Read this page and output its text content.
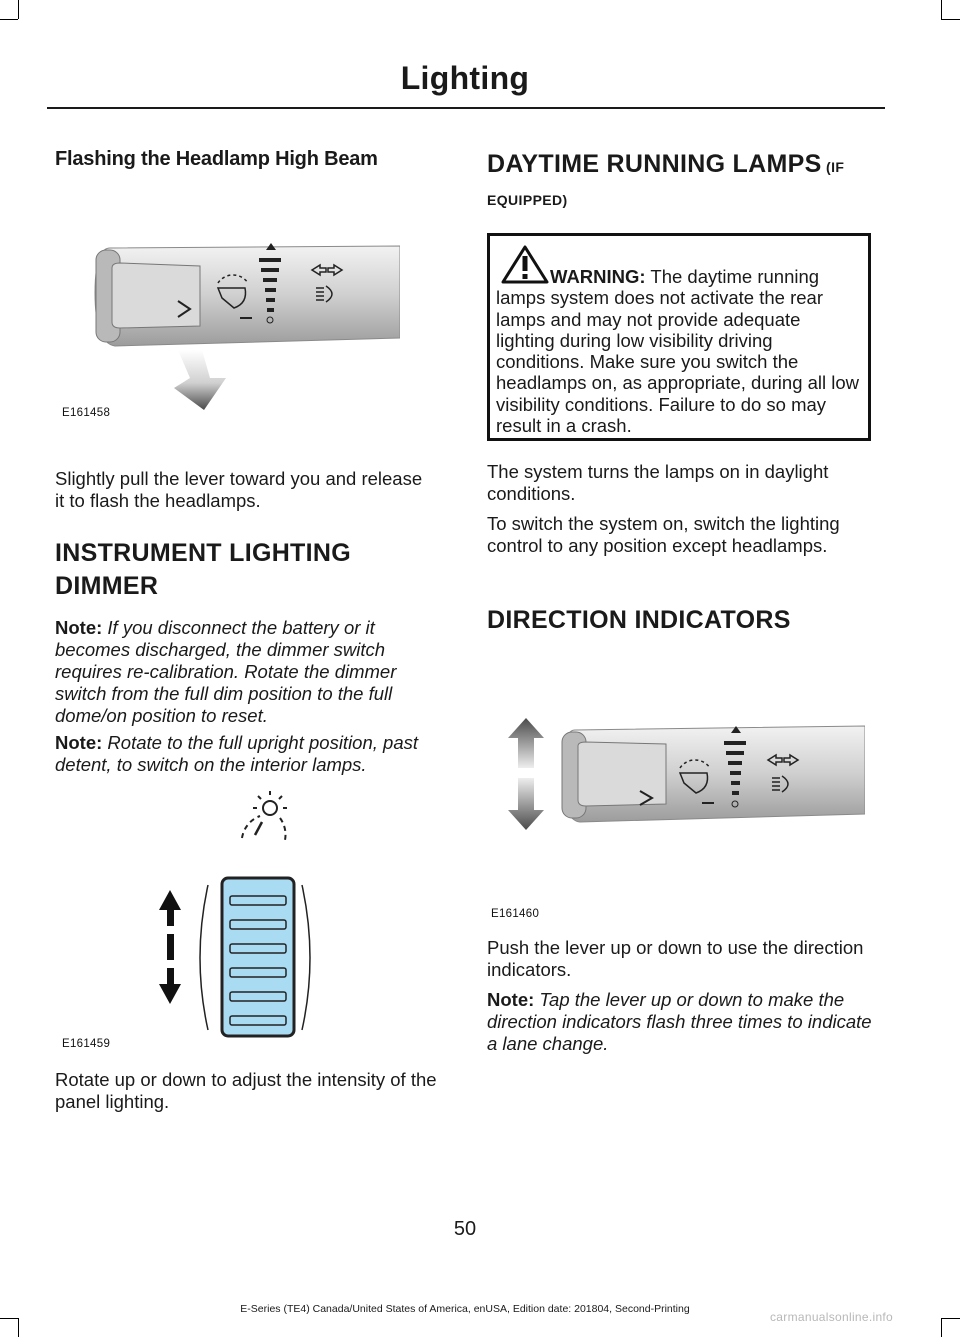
Lighting
Flashing the Headlamp High Beam
E161458

Slightly pull the lever toward you and release it to flash the headlamps.

INSTRUMENT LIGHTING
DIMMER

Note: If you disconnect the battery or it becomes discharged, the dimmer switch requires re-calibration. Rotate the dimmer switch from the full dim position to the full dome/on position to reset.

Note: Rotate to the full upright position, past detent, to switch on the interior lamps.

E161459

Rotate up or down to adjust the intensity of the panel lighting.

DAYTIME RUNNING LAMPS (IF
EQUIPPED)

WARNING: The daytime running lamps system does not activate the rear lamps and may not provide adequate lighting during low visibility driving conditions. Make sure you switch the headlamps on, as appropriate, during all low visibility conditions. Failure to do so may result in a crash.

The system turns the lamps on in daylight conditions.

To switch the system on, switch the lighting control to any position except headlamps.

DIRECTION INDICATORS
E161460

Push the lever up or down to use the direction indicators.

Note: Tap the lever up or down to make the direction indicators flash three times to indicate a lane change.

50
E-Series (TE4) Canada/United States of America, enUSA, Edition date: 201804, Second-Printing
carmanualsonline.info
